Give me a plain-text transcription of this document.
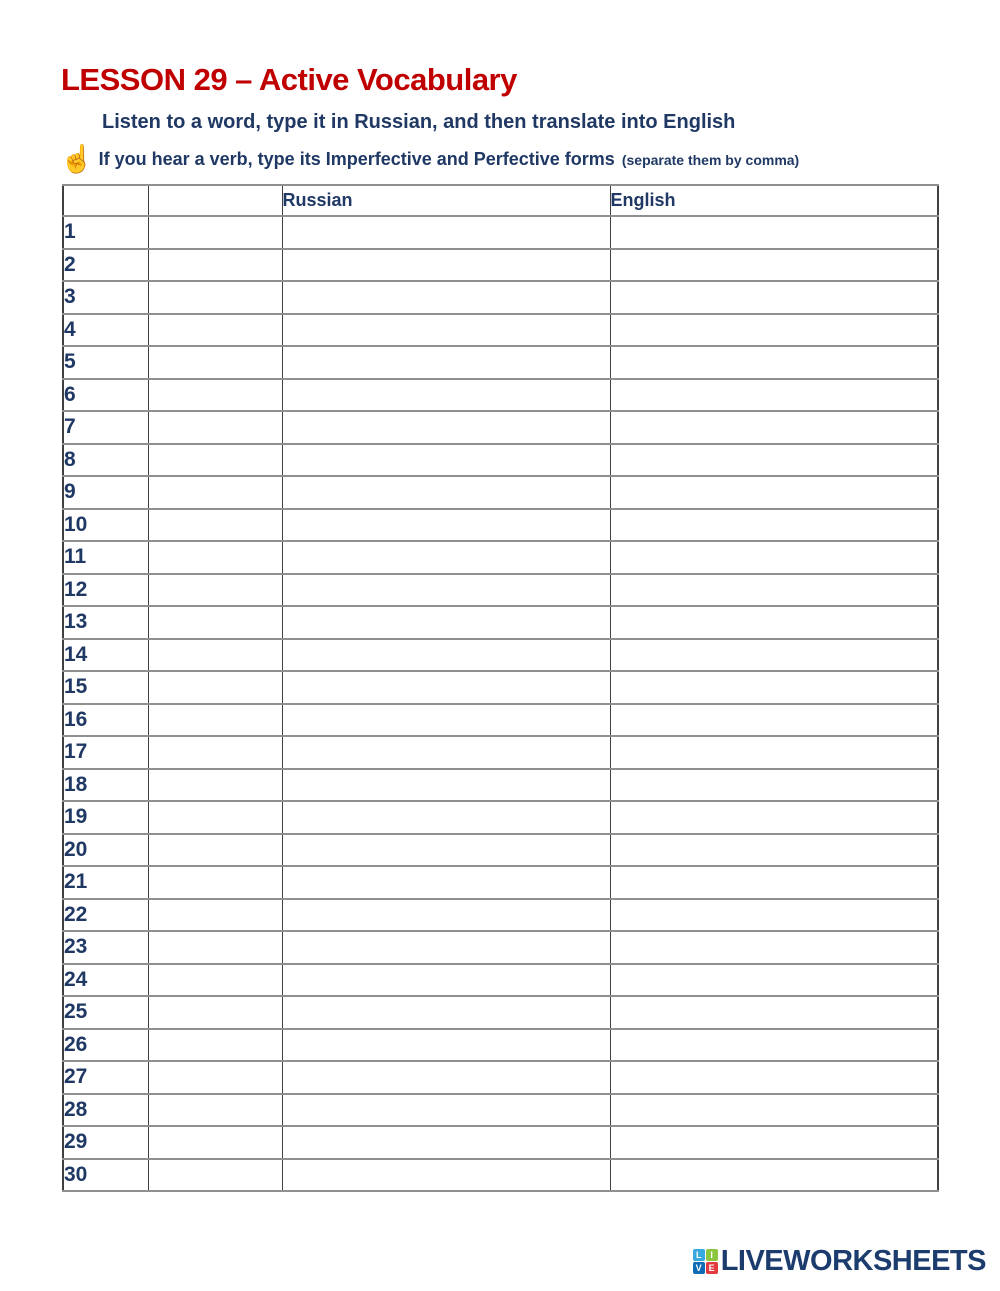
LESSON 29 – Active Vocabulary
Listen to a word, type it in Russian, and then translate into English
☝ If you hear a verb, type its Imperfective and Perfective forms (separate them by comma)
		Russian	English
1			
2			
3			
4			
5			
6			
7			
8			
9			
10			
11			
12			
13			
14			
15			
16			
17			
18			
19			
20			
21			
22			
23			
24			
25			
26			
27			
28			
29			
30			
L I
V E LIVEWORKSHEETS
